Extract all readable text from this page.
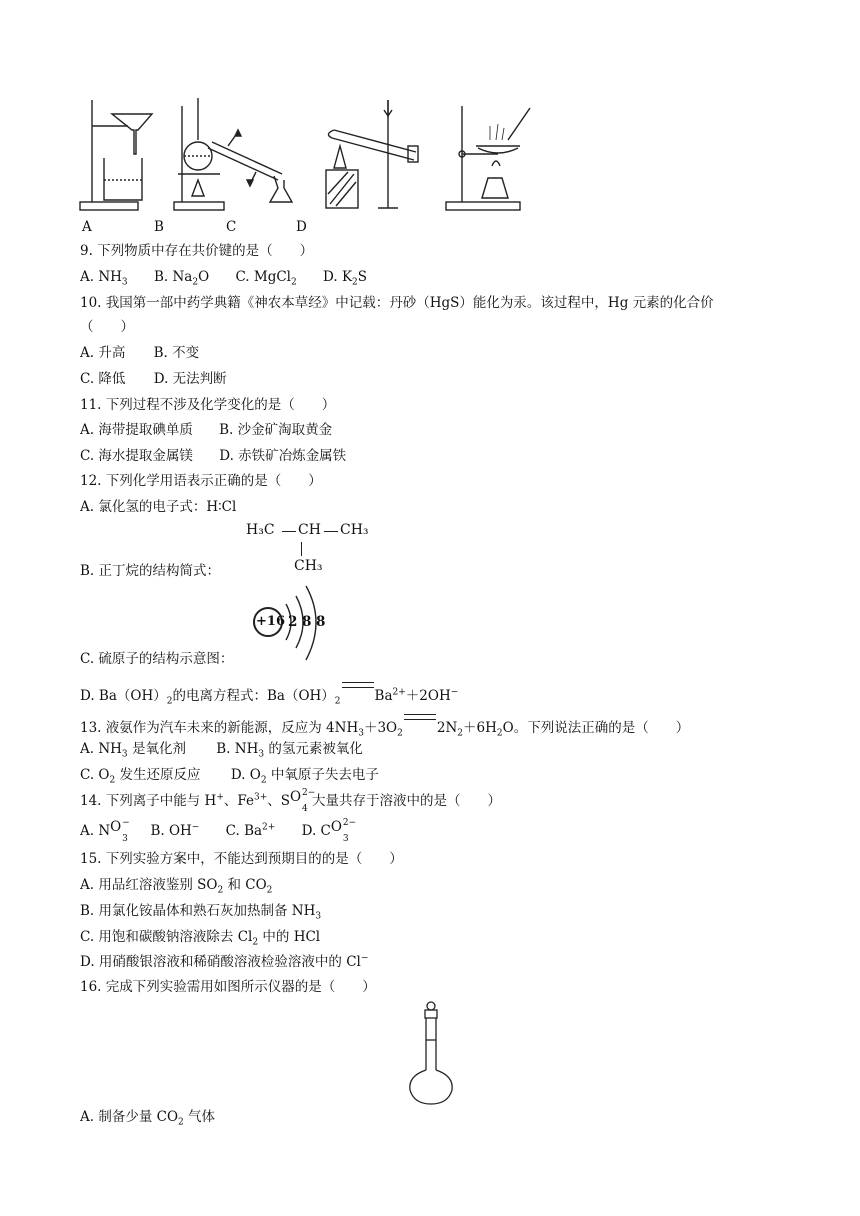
A	B	C	D
9. 下列物质中存在共价键的是（　　）
A. $NH_3$ B. $Na_2O$ C. MgCl$_2$ D. $K_2S$
10. 我国第一部中药学典籍《神农本草经》中记载：丹砂（HgS）能化为汞。该过程中，Hg 元素的化合价
（　　）
A. 升高 B. 不变
C. 降低 D. 无法判断
11. 下列过程不涉及化学变化的是（　　）
A. 海带提取碘单质 B. 沙金矿淘取黄金
C. 海水提取金属镁 D. 赤铁矿冶炼金属铁
12. 下列化学用语表示正确的是（　　）
A. 氯化氢的电子式：H∶Cl
H₃C CH CH₃
CH₃
B. 正丁烷的结构简式：
+16 2 8 8
C. 硫原子的结构示意图：
D. $Ba(OH)_2$的电离方程式：$Ba(OH)_2$	$Ba^{2+}+2OH^-$
13. 液氨作为汽车未来的新能源，反应为 $4NH_3+3O_2$	$2N_2+6H_2O$。下列说法正确的是（　　）
A. $NH_3$ 是氧化剂 B. $NH_3$ 的氢元素被氧化
C. $O_2$ 发生还原反应 D. $O_2$ 中氧原子失去电子
14. 下列离子中能与 H+、$Fe^{3+}$、SO
4
2−
大量共存于溶液中的是（　　）
A. NO
3
− B. OH− C. $Ba^{2+}$ D. CO
3
2−
15. 下列实验方案中，不能达到预期目的的是（　　）
A. 用品红溶液鉴别 $SO_2$ 和 $CO_2$
B. 用氯化铵晶体和熟石灰加热制备 $NH_3$
C. 用饱和碳酸钠溶液除去 $Cl_2$ 中的 HCl
D. 用硝酸银溶液和稀硝酸溶液检验溶液中的 Cl−
16. 完成下列实验需用如图所示仪器的是（　　）
A. 制备少量 $CO_2$ 气体
